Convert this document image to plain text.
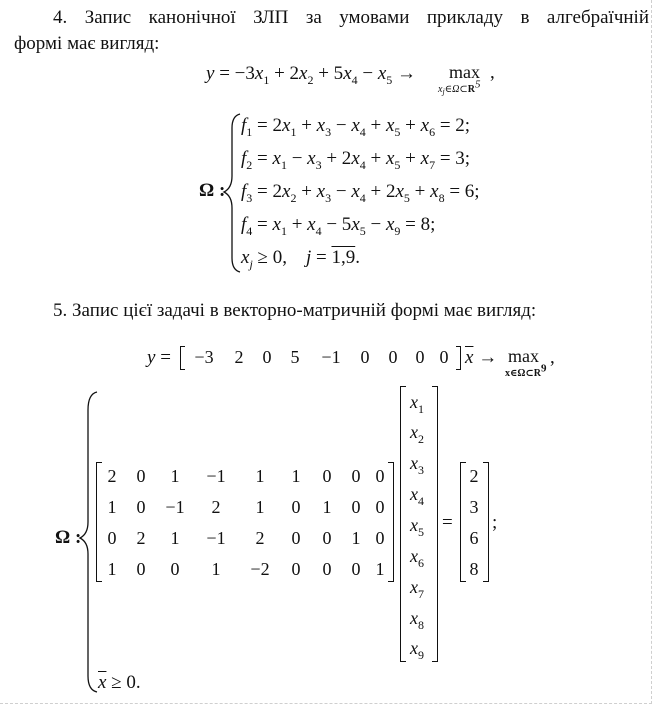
4. Запис канонічної ЗЛП за умовами прикладу в алгебраїчній
формі має вигляд:
$y = -3x_1 + 2x_2 + 5x_4 - x_5 \to \max$
$x_j\in\Omega\subset R^5$
,
Ω :
$f_1 = 2x_1 + x_3 - x_4 + x_5 + x_6 = 2$;
$f_2 = x_1 - x_3 + 2x_4 + x_5 + x_7 = 3$;
$f_3 = 2x_2 + x_3 - x_4 + 2x_5 + x_8 = 6$;
$f_4 = x_1 + x_4 - 5x_5 - x_9 = 8$;
$x_j \ge 0$,    j = 1,9.
5. Запис цієї задачі в векторно-матричній формі має вигляд:
y = −3	2	0	5	−1	0	0	0 0 $\overline{x} \to \max$
$x\in\Omega\subset R^9$
,
Ω :
2	0	1	−1	1	1	0	0 0
1	0	−1	2	1	0	1	0 0
0	2	1	−1	2	0	0	1 0
1	0	0	1	−2	0	0	0 1
$x_1$
$x_2$
$x_3$
$x_4$
$x_5$
$x_6$
$x_7$
$x_8$
$x_9$
=
2
3
6
8
;
$\overline{x} \ge 0$.
